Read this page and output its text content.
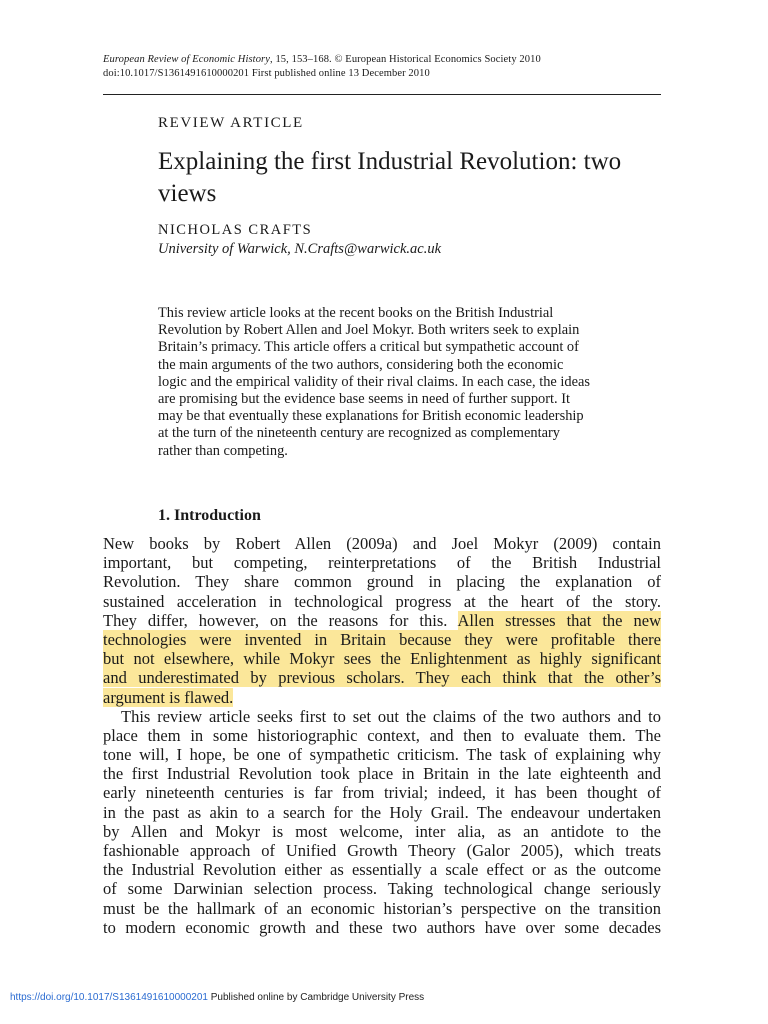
European Review of Economic History, 15, 153–168. © European Historical Economics Society 2010
doi:10.1017/S1361491610000201 First published online 13 December 2010
REVIEW ARTICLE
Explaining the first Industrial Revolution: two views
NICHOLAS CRAFTS
University of Warwick, N.Crafts@warwick.ac.uk
This review article looks at the recent books on the British Industrial
Revolution by Robert Allen and Joel Mokyr. Both writers seek to explain
Britain’s primacy. This article offers a critical but sympathetic account of
the main arguments of the two authors, considering both the economic
logic and the empirical validity of their rival claims. In each case, the ideas
are promising but the evidence base seems in need of further support. It
may be that eventually these explanations for British economic leadership
at the turn of the nineteenth century are recognized as complementary
rather than competing.
1. Introduction
New books by Robert Allen (2009a) and Joel Mokyr (2009) contain
important, but competing, reinterpretations of the British Industrial
Revolution. They share common ground in placing the explanation of
sustained acceleration in technological progress at the heart of the story.
They differ, however, on the reasons for this. Allen stresses that the new
technologies were invented in Britain because they were profitable there
but not elsewhere, while Mokyr sees the Enlightenment as highly significant
and underestimated by previous scholars. They each think that the other’s
argument is flawed.
This review article seeks first to set out the claims of the two authors and to
place them in some historiographic context, and then to evaluate them. The
tone will, I hope, be one of sympathetic criticism. The task of explaining why
the first Industrial Revolution took place in Britain in the late eighteenth and
early nineteenth centuries is far from trivial; indeed, it has been thought of
in the past as akin to a search for the Holy Grail. The endeavour undertaken
by Allen and Mokyr is most welcome, inter alia, as an antidote to the
fashionable approach of Unified Growth Theory (Galor 2005), which treats
the Industrial Revolution either as essentially a scale effect or as the outcome
of some Darwinian selection process. Taking technological change seriously
must be the hallmark of an economic historian’s perspective on the transition
to modern economic growth and these two authors have over some decades
https://doi.org/10.1017/S1361491610000201 Published online by Cambridge University Press
